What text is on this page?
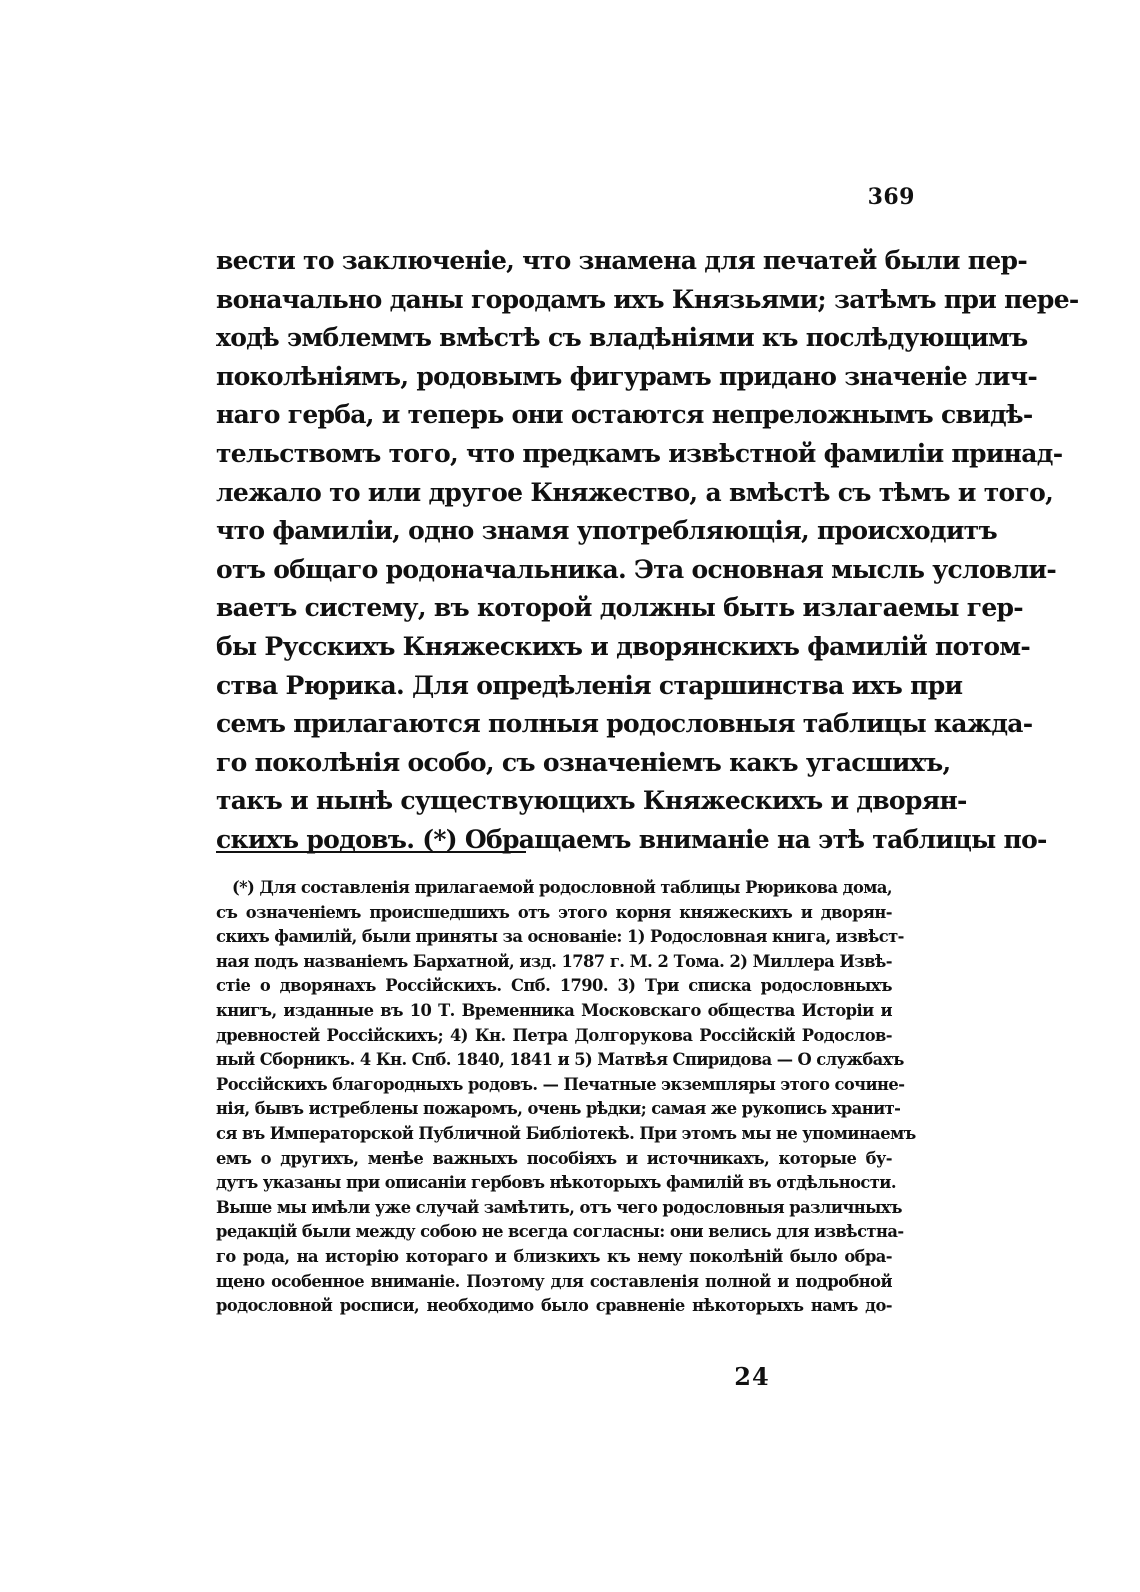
369
вести то заключеніе, что знамена для печатей были пер-
воначально даны городамъ ихъ Князьями; затѣмъ при пере-
ходѣ эмблеммъ вмѣстѣ съ владѣніями къ послѣдующимъ
поколѣніямъ, родовымъ фигурамъ придано значеніе лич-
наго герба, и теперь они остаются непреложнымъ свидѣ-
тельствомъ того, что предкамъ извѣстной фамиліи принад-
лежало то или другое Княжество, а вмѣстѣ съ тѣмъ и того,
что фамиліи, одно знамя употребляющія, происходитъ
отъ общаго родоначальника. Эта основная мысль условли-
ваетъ систему, въ которой должны быть излагаемы гер-
бы Русскихъ Княжескихъ и дворянскихъ фамилій потом-
ства Рюрика. Для опредѣленія старшинства ихъ при
семъ прилагаются полныя родословныя таблицы кажда-
го поколѣнія особо, съ означеніемъ какъ угасшихъ,
такъ и нынѣ существующихъ Княжескихъ и дворян-
скихъ родовъ. (*) Обращаемъ вниманіе на этѣ таблицы по-
(*) Для составленія прилагаемой родословной таблицы Рюрикова дома,
съ означеніемъ происшедшихъ отъ этого корня княжескихъ и дворян-
скихъ фамилій, были приняты за основаніе: 1) Родословная книга, извѣст-
ная подъ названіемъ Бархатной, изд. 1787 г. М. 2 Тома. 2) Миллера Извѣ-
стіе о дворянахъ Россійскихъ. Спб. 1790. 3) Три списка родословныхъ
книгъ, изданные въ 10 Т. Временника Московскаго общества Исторіи и
древностей Россійскихъ; 4) Кн. Петра Долгорукова Россійскій Родослов-
ный Сборникъ. 4 Кн. Спб. 1840, 1841 и 5) Матвѣя Спиридова — О службахъ
Россійскихъ благородныхъ родовъ. — Печатные экземпляры этого сочине-
нія, бывъ истреблены пожаромъ, очень рѣдки; самая же рукопись хранит-
ся въ Императорской Публичной Библіотекѣ. При этомъ мы не упоминаемъ
емъ о другихъ, менѣе важныхъ пособіяхъ и источникахъ, которые бу-
дутъ указаны при описаніи гербовъ нѣкоторыхъ фамилій въ отдѣльности.
Выше мы имѣли уже случай замѣтить, отъ чего родословныя различныхъ
редакцій были между собою не всегда согласны: они велись для извѣстна-
го рода, на исторію котораго и близкихъ къ нему поколѣній было обра-
щено особенное вниманіе. Поэтому для составленія полной и подробной
родословной росписи, необходимо было сравненіе нѣкоторыхъ намъ до-
24
